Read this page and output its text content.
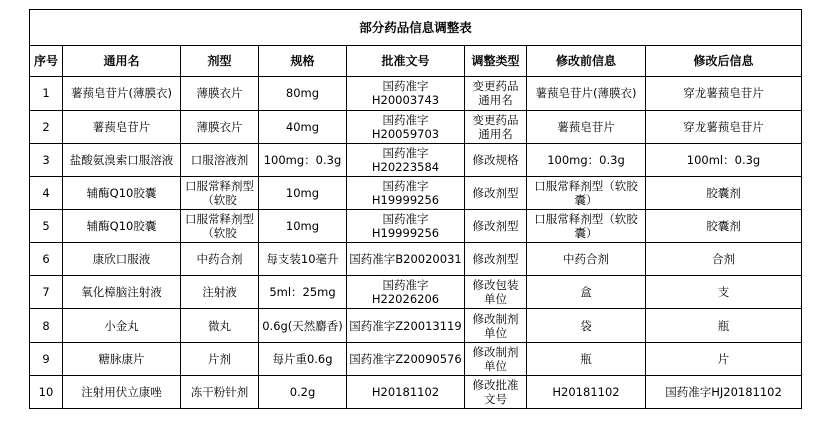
部分药品信息调整表							
序号	通用名	剂型	规格	批准文号	调整类型	修改前信息	修改后信息
1	薯蓣皂苷片(薄膜衣)	薄膜衣片	80mg	国药准字H20003743	变更药品通用名	薯蓣皂苷片(薄膜衣)	穿龙薯蓣皂苷片
2	薯蓣皂苷片	薄膜衣片	40mg	国药准字H20059703	变更药品通用名	薯蓣皂苷片	穿龙薯蓣皂苷片
3	盐酸氨溴索口服溶液	口服溶液剂	100mg：0.3g	国药准字H20223584	修改规格	100mg：0.3g	100ml：0.3g
4	辅酶Q10胶囊	口服常释剂型（软胶	10mg	国药准字H19999256	修改剂型	口服常释剂型（软胶囊）	胶囊剂
5	辅酶Q10胶囊	口服常释剂型（软胶	10mg	国药准字H19999256	修改剂型	口服常释剂型（软胶囊）	胶囊剂
6	康欣口服液	中药合剂	每支装10毫升	国药准字B20020031	修改剂型	中药合剂	合剂
7	氧化樟脑注射液	注射液	5ml：25mg	国药准字H22026206	修改包装单位	盒	支
8	小金丸	微丸	0.6g(天然麝香)	国药准字Z20013119	修改制剂单位	袋	瓶
9	糖脉康片	片剂	每片重0.6g	国药准字Z20090576	修改制剂单位	瓶	片
10	注射用伏立康唑	冻干粉针剂	0.2g	H20181102	修改批准文号	H20181102	国药准字HJ20181102
